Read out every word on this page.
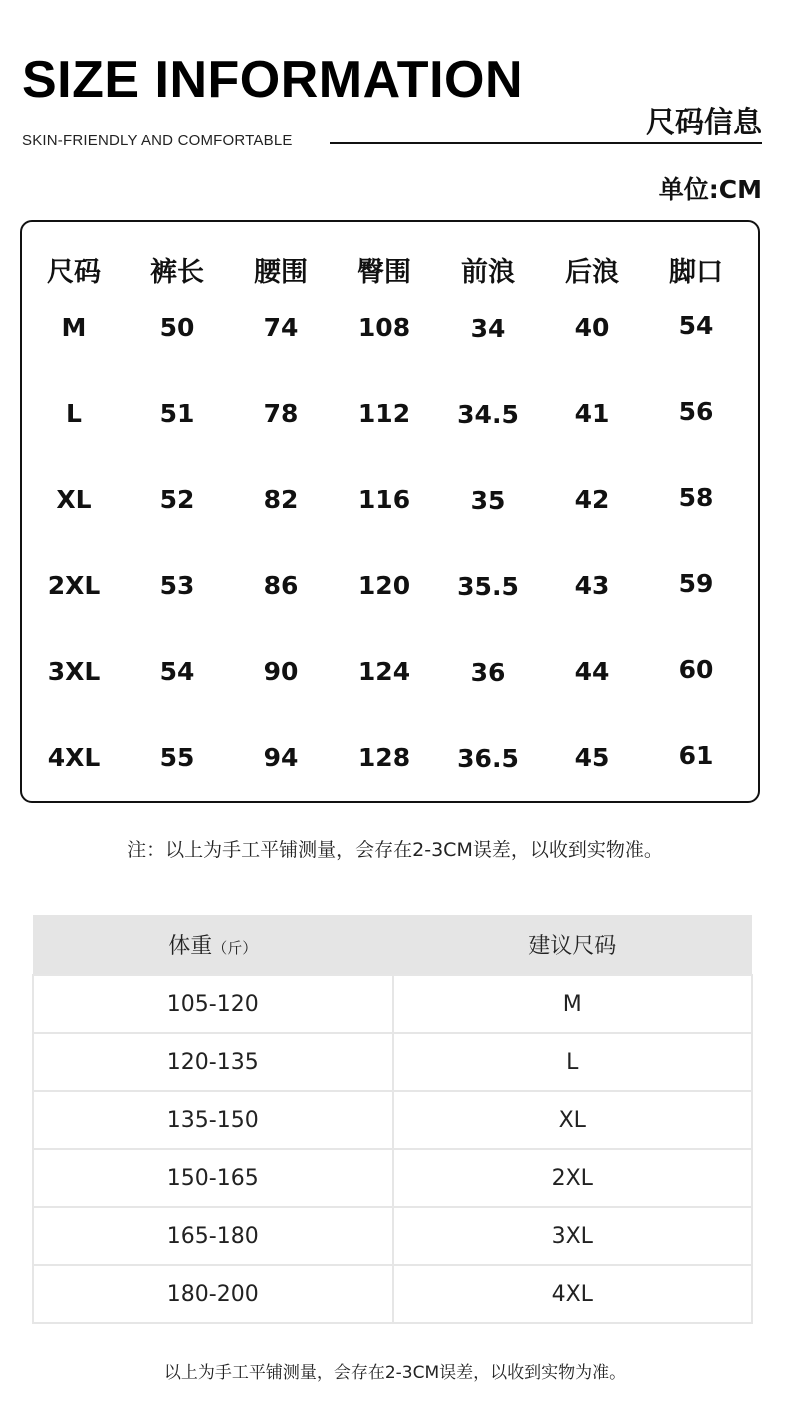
SIZE INFORMATION
SKIN-FRIENDLY AND COMFORTABLE
尺码信息
单位:CM
尺码	裤长	腰围	臀围	前浪	后浪	脚口
M	50	74	108	34	40	54
L	51	78	112	34.5	41	56
XL	52	82	116	35	42	58
2XL	53	86	120	35.5	43	59
3XL	54	90	124	36	44	60
4XL	55	94	128	36.5	45	61
注：以上为手工平铺测量，会存在2-3CM误差，以收到实物准。
体重（斤）	建议尺码
105-120	M
120-135	L
135-150	XL
150-165	2XL
165-180	3XL
180-200	4XL
以上为手工平铺测量，会存在2-3CM误差，以收到实物为准。
